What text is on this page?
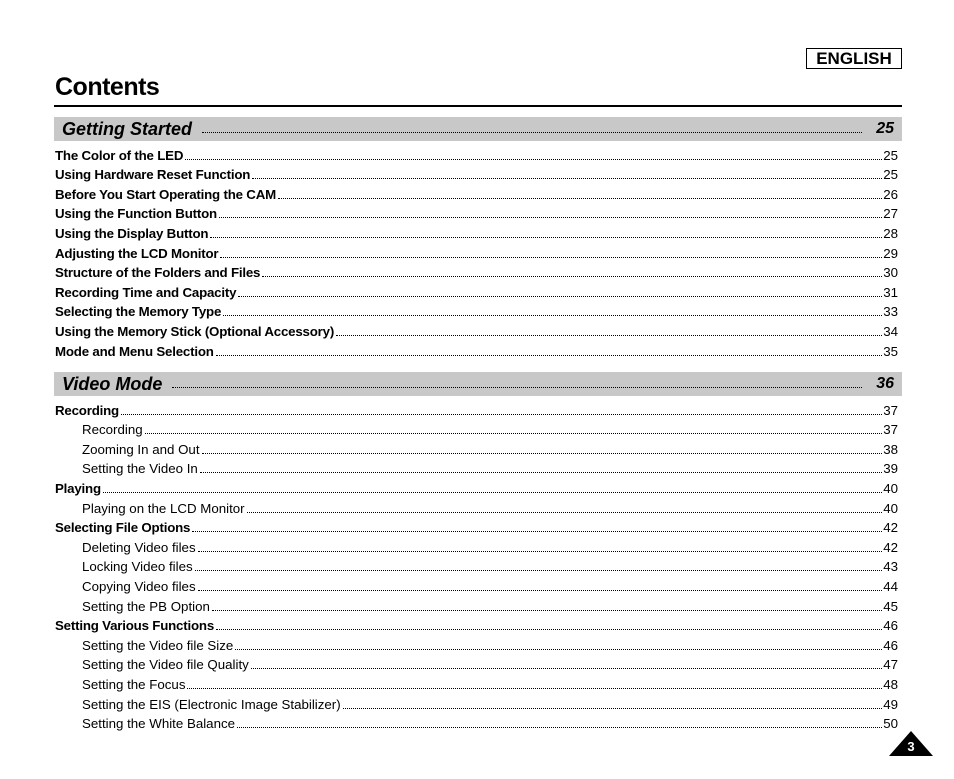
ENGLISH
Contents
Getting Started	25
The Color of the LED	25
Using Hardware Reset Function	25
Before You Start Operating the CAM	26
Using the Function Button	27
Using the Display Button	28
Adjusting the LCD Monitor	29
Structure of the Folders and Files	30
Recording Time and Capacity	31
Selecting the Memory Type	33
Using the Memory Stick (Optional Accessory)	34
Mode and Menu Selection	35
Video Mode	36
Recording	37
Recording	37
Zooming In and Out	38
Setting the Video In	39
Playing	40
Playing on the LCD Monitor	40
Selecting File Options	42
Deleting Video files	42
Locking Video files	43
Copying Video files	44
Setting the PB Option	45
Setting Various Functions	46
Setting the Video file Size	46
Setting the Video file Quality	47
Setting the Focus	48
Setting the EIS (Electronic Image Stabilizer)	49
Setting the White Balance	50
3
